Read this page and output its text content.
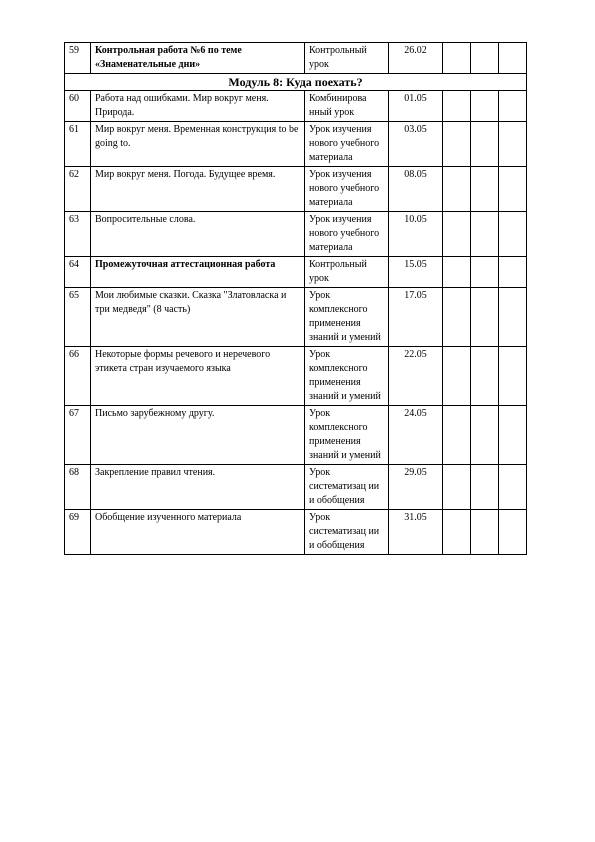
59	Контрольная работа №6 по теме «Знаменательные дни»	Контрольный урок	26.02			
Модуль 8: Куда поехать?						
60	Работа над ошибками. Мир вокруг меня. Природа.	Комбинирова нный урок	01.05			
61	Мир вокруг меня. Временная конструкция to be going to.	Урок изучения нового учебного материала	03.05			
62	Мир вокруг меня. Погода. Будущее время.	Урок изучения нового учебного материала	08.05			
63	Вопросительные слова.	Урок изучения нового учебного материала	10.05			
64	Промежуточная аттестационная работа	Контрольный урок	15.05			
65	Мои любимые сказки. Сказка "Златовласка и три медведя" (8 часть)	Урок комплексного применения знаний и умений	17.05			
66	Некоторые формы речевого и неречевого этикета стран изучаемого языка	Урок комплексного применения знаний и умений	22.05			
67	Письмо зарубежному другу.	Урок комплексного применения знаний и умений	24.05			
68	Закрепление правил чтения.	Урок систематизац ии и обобщения	29.05			
69	Обобщение изученного материала	Урок систематизац ии и обобщения	31.05			
